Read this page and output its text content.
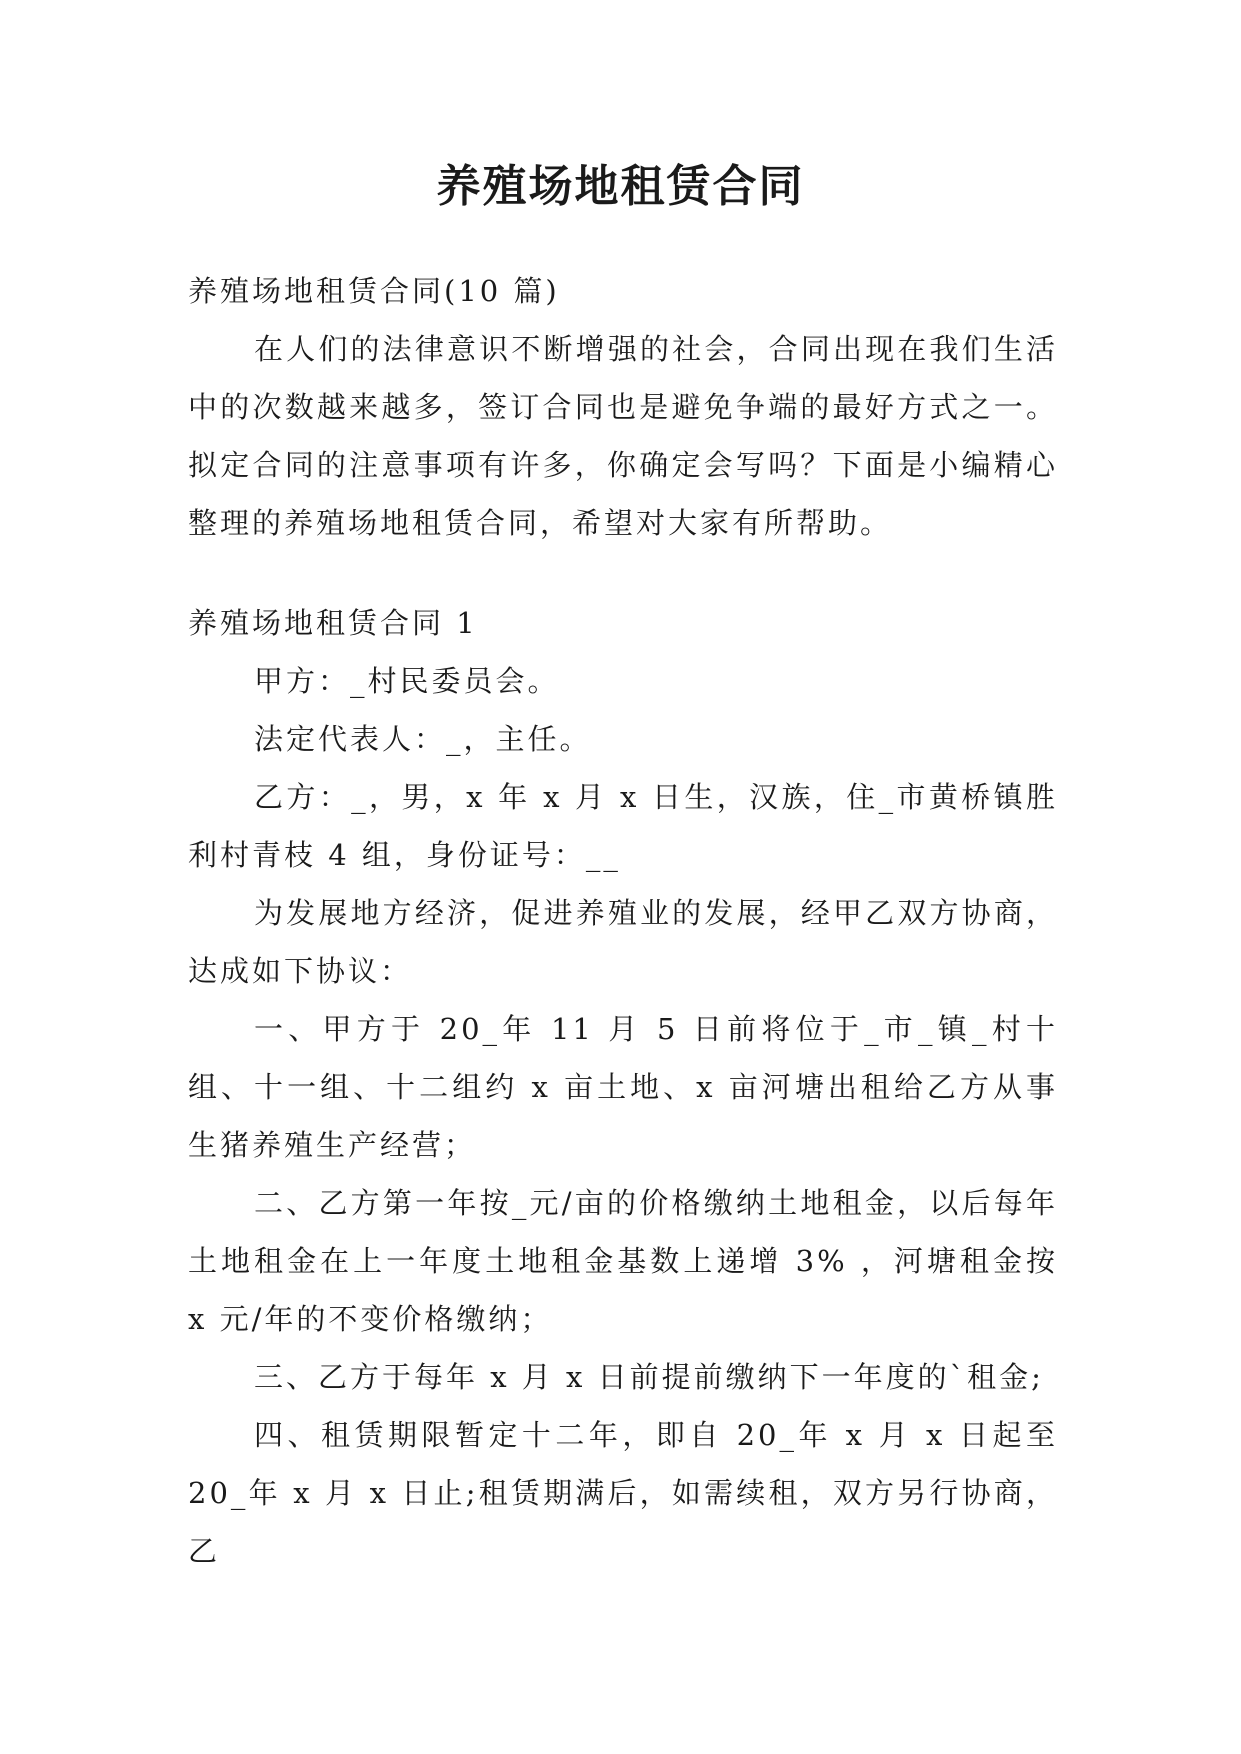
养殖场地租赁合同

养殖场地租赁合同(10 篇)

在人们的法律意识不断增强的社会，合同出现在我们生活中的次数越来越多，签订合同也是避免争端的最好方式之一。拟定合同的注意事项有许多，你确定会写吗？下面是小编精心整理的养殖场地租赁合同，希望对大家有所帮助。

养殖场地租赁合同 1

甲方：_村民委员会。

法定代表人：_，主任。

乙方：_，男，x 年 x 月 x 日生，汉族，住_市黄桥镇胜利村青枝 4 组，身份证号：__

为发展地方经济，促进养殖业的发展，经甲乙双方协商，达成如下协议：

一、甲方于 20_年 11 月 5 日前将位于_市_镇_村十组、十一组、十二组约 x 亩土地、x 亩河塘出租给乙方从事生猪养殖生产经营；

二、乙方第一年按_元/亩的价格缴纳土地租金，以后每年土地租金在上一年度土地租金基数上递增 3% ，河塘租金按 x 元/年的不变价格缴纳；

三、乙方于每年 x 月 x 日前提前缴纳下一年度的`租金;

四、租赁期限暂定十二年，即自 20_年 x 月 x 日起至 20_年 x 月 x 日止;租赁期满后，如需续租，双方另行协商，乙
